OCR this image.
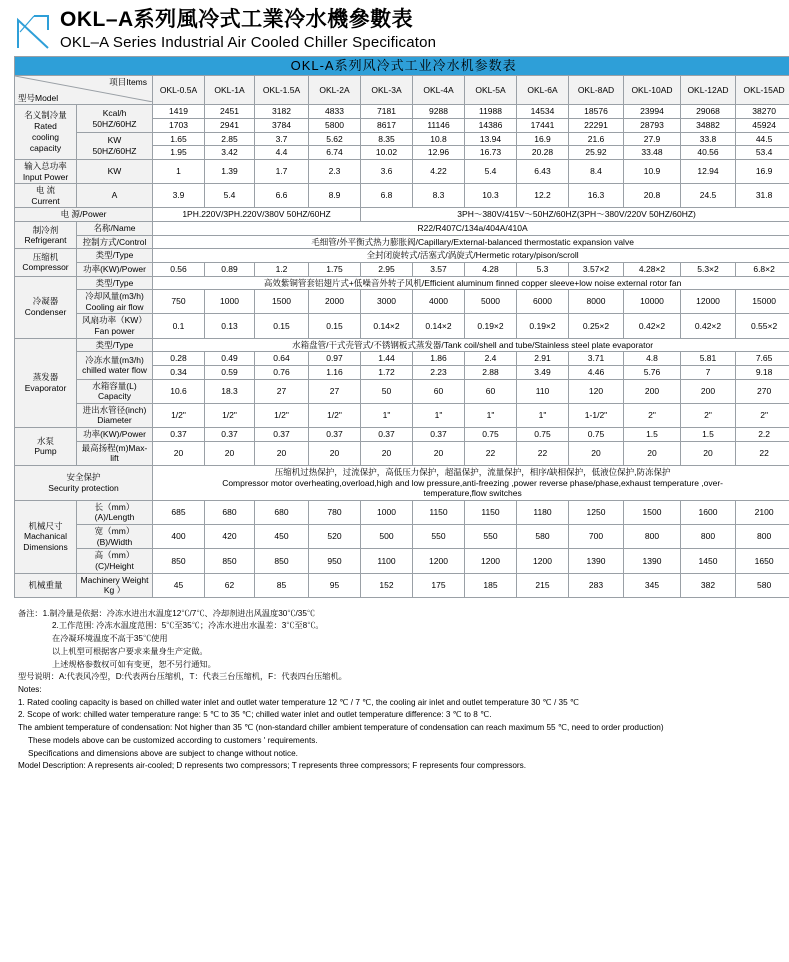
OKL–A系列風冷式工業冷水機參數表
OKL–A Series Industrial Air Cooled Chiller Specificaton
OKL-A系列风冷式工业冷水机参数表													

型号Model
项目Items		OKL-0.5A	OKL-1A	OKL-1.5A	OKL-2A	OKL-3A	OKL-4A	OKL-5A	OKL-6A	OKL-8AD	OKL-10AD	OKL-12AD	OKL-15AD

名义制冷量
Rated
cooling
capacity

Kcal/h
50HZ/60HZ
	1419	2451	3182	4833	7181	9288	11988	14534	18576	23994	29068	38270
		1703	2941	3784	5800	8617	11146	14386	17441	22291	28793	34882	45924

	KW
50HZ/60HZ	1.65	2.85	3.7	5.62	8.35	10.8	13.94	16.9	21.6	27.9	33.8	44.5
		1.95	3.42	4.4	6.74	10.02	12.96	16.73	20.28	25.92	33.48	40.56	53.4

输入总功率
Input Power	KW	1	1.39	1.7	2.3	3.6	4.22	5.4	6.43	8.4	10.9	12.94	16.9

电 流
Current	A	3.9	5.4	6.6	8.9	6.8	8.3	10.3	12.2	16.3	20.8	24.5	31.8
电 源/Power		1PH.220V/3PH.220V/380V 50HZ/60HZ				3PH～380V/415V～50HZ/60HZ(3PH～380V/220V 50HZ/60HZ)							

制冷剂
Refrigerant	名称/Name	R22/R407C/134a/404A/410A											
	控制方式/Control	毛细管/外平衡式热力膨胀阀/Capillary/External-balanced thermostatic expansion valve											

压缩机
Compressor	类型/Type	全封闭旋转式/活塞式/涡旋式/Hermetic rotary/pison/scroll											
	功率(KW)/Power	0.56	0.89	1.2	1.75	2.95	3.57	4.28	5.3	3.57×2	4.28×2	5.3×2	6.8×2

冷凝器
Condenser	类型/Type	高效紫铜管套铝翅片式+低噪音外转子风机/Efficient aluminum finned copper sleeve+low noise external rotor fan											

	冷却风量(m3/h)
Cooling air flow	750	1000	1500	2000	3000	4000	5000	6000	8000	10000	12000	15000

	风扇功率（KW）
Fan power	0.1	0.13	0.15	0.15	0.14×2	0.14×2	0.19×2	0.19×2	0.25×2	0.42×2	0.42×2	0.55×2

蒸发器
Evaporator	类型/Type	水箱盘管/干式壳管式/不锈钢板式蒸发器/Tank coil/shell and tube/Stainless steel plate evaporator											

	冷冻水量(m3/h)
chilled water flow	0.28	0.49	0.64	0.97	1.44	1.86	2.4	2.91	3.71	4.8	5.81	7.65
		0.34	0.59	0.76	1.16	1.72	2.23	2.88	3.49	4.46	5.76	7	9.18

	水箱容量(L)
Capacity	10.6	18.3	27	27	50	60	60	110	120	200	200	270

	进出水管径(inch)
Diameter	1/2"	1/2"	1/2"	1/2"	1"	1"	1"	1"	1-1/2"	2"	2"	2"

水泵
Pump	功率(KW)/Power	0.37	0.37	0.37	0.37	0.37	0.37	0.75	0.75	0.75	1.5	1.5	2.2
	最高扬程(m)Max-lift	20	20	20	20	20	20	22	22	20	20	20	22

安全保护
Security protection

压缩机过热保护，过流保护，高低压力保护，超温保护，流量保护，相序/缺相保护，低液位保护,防冻保护
Compressor motor overheating,overload,high and low pressure,anti-freezing ,power reverse phase/phase,exhaust temperature ,over-
temperature,flow switches

机械尺寸
Machanical
Dimensions	长（mm）(A)/Length	685	680	680	780	1000	1150	1150	1180	1250	1500	1600	2100
	宽（mm）(B)/Width	400	420	450	520	500	550	550	580	700	800	800	800
	高（mm）(C)/Height	850	850	850	950	1100	1200	1200	1200	1390	1390	1450	1650
机械重量	Machinery Weight
Kg ）	45	62	85	95	152	175	185	215	283	345	382	580
备注：1.制冷量是依据：冷冻水进出水温度12℃/7℃、冷却剂进出风温度30℃/35℃
2.工作范围: 冷冻水温度范围：5℃至35℃；冷冻水进出水温差：3℃至8℃。
在冷凝环境温度不高于35℃使用
以上机型可根据客户要求来量身生产定做。
上述规格参数权可如有变更，恕不另行通知。
型号说明：A:代表风冷型，D:代表两台压缩机，T：代表三台压缩机，F：代表四台压缩机。
Notes:
1. Rated cooling capacity is based on chilled water inlet and outlet water temperature 12 ℃ / 7 ℃, the cooling air inlet and outlet temperature 30 ℃ / 35 ℃
2. Scope of work: chilled water temperature range: 5 ℃ to 35 ℃; chilled water inlet and outlet temperature difference: 3 ℃ to 8 ℃.
The ambient temperature of condensation: Not higher than 35 ℃ (non-standard chiller ambient temperature of condensation can reach maximum 55 ℃, need to order production)
These models above can be customized according to customers ' requirements.
Specifications and dimensions above are subject to change without notice.
Model Description: A represents air-cooled; D represents two compressors; T represents three compressors; F represents four compressors.
